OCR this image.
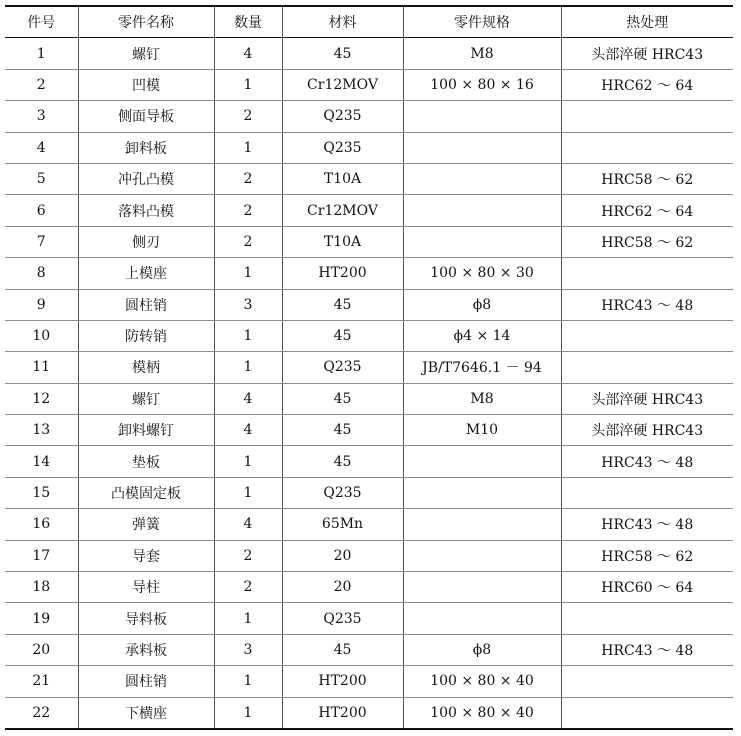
件号	零件名称	数量	材料	零件规格	热处理
1	螺钉	4	45	M8	头部淬硬 HRC43
2	凹模	1	Cr12MOV	100 × 80 × 16	HRC62 ～ 64
3	侧面导板	2	Q235		
4	卸料板	1	Q235		
5	冲孔凸模	2	T10A		HRC58 ～ 62
6	落料凸模	2	Cr12MOV		HRC62 ～ 64
7	侧刃	2	T10A		HRC58 ～ 62
8	上模座	1	HT200	100 × 80 × 30	
9	圆柱销	3	45	ϕ8	HRC43 ～ 48
10	防转销	1	45	ϕ4 × 14	
11	模柄	1	Q235	JB/T7646.1 － 94	
12	螺钉	4	45	M8	头部淬硬 HRC43
13	卸料螺钉	4	45	M10	头部淬硬 HRC43
14	垫板	1	45		HRC43 ～ 48
15	凸模固定板	1	Q235		
16	弹簧	4	65Mn		HRC43 ～ 48
17	导套	2	20		HRC58 ～ 62
18	导柱	2	20		HRC60 ～ 64
19	导料板	1	Q235		
20	承料板	3	45	ϕ8	HRC43 ～ 48
21	圆柱销	1	HT200	100 × 80 × 40	
22	下横座	1	HT200	100 × 80 × 40	
